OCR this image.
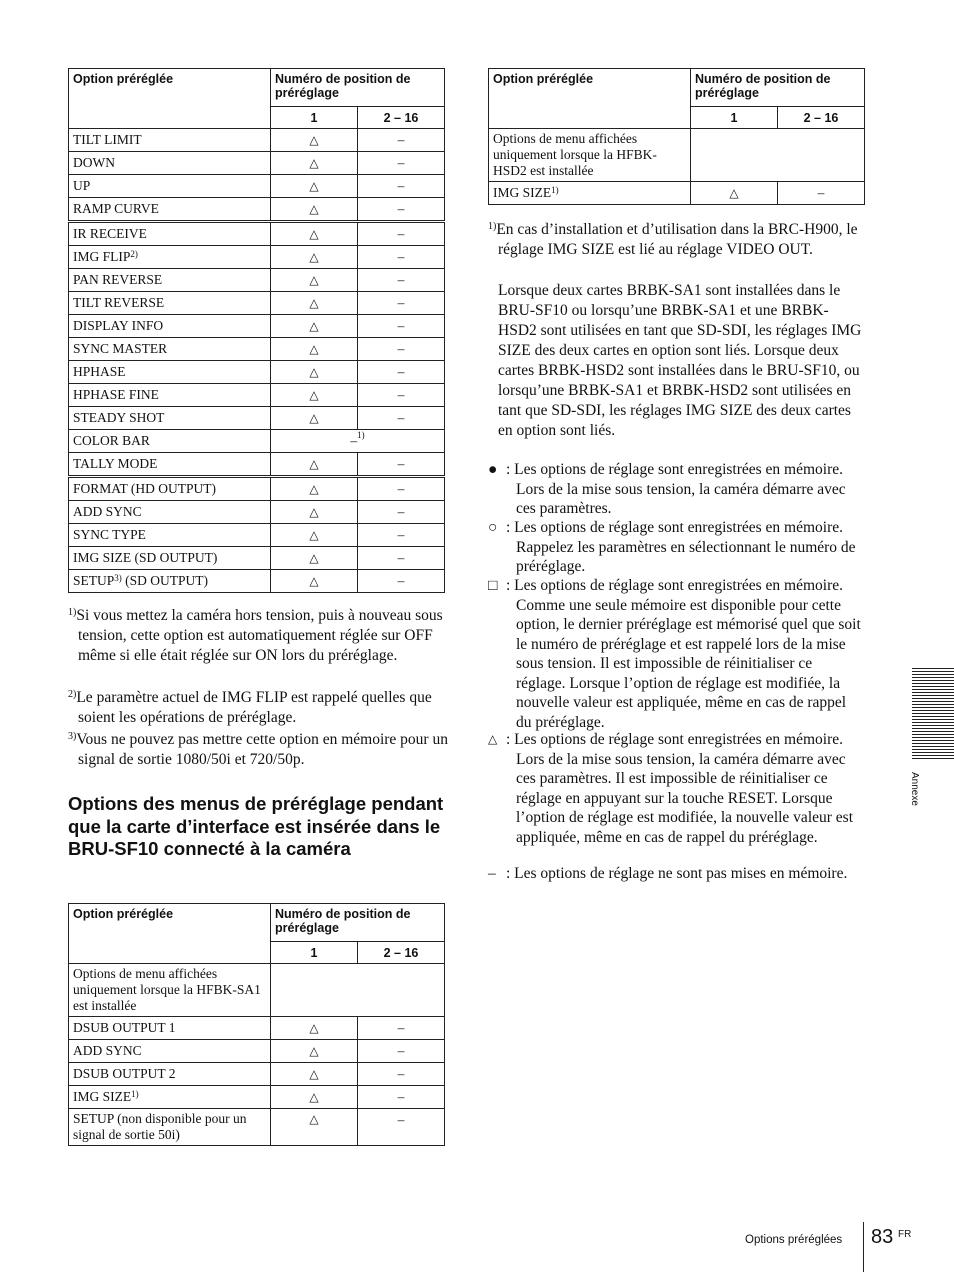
Option préréglée	Numéro de position de préréglage	
	1	2 – 16
TILT LIMIT	△	–
DOWN	△	–
UP	△	–
RAMP CURVE	△	–
IR RECEIVE	△	–
IMG FLIP$^{2)}$	△	–
PAN REVERSE	△	–
TILT REVERSE	△	–
DISPLAY INFO	△	–
SYNC MASTER	△	–
HPHASE	△	–
HPHASE FINE	△	–
STEADY SHOT	△	–
COLOR BAR	–$^{1)}$
TALLY MODE	△	–
FORMAT (HD OUTPUT)	△	–
ADD SYNC	△	–
SYNC TYPE	△	–
IMG SIZE (SD OUTPUT)	△	–
SETUP$^{3)}$ (SD OUTPUT)	△	–
$^{1)}$Si vous mettez la caméra hors tension, puis à nouveau sous tension, cette option est automatiquement réglée sur OFF même si elle était réglée sur ON lors du préréglage.
$^{2)}$Le paramètre actuel de IMG FLIP est rappelé quelles que soient les opérations de préréglage.
$^{3)}$Vous ne pouvez pas mettre cette option en mémoire pour un signal de sortie 1080/50i et 720/50p.
Options des menus de préréglage pendant que la carte d’interface est insérée dans le BRU-SF10 connecté à la caméra
Option préréglée	Numéro de position de préréglage	
	1	2 – 16
Options de menu affichées uniquement lorsque la HFBK-SA1 est installée		
DSUB OUTPUT 1	△	–
ADD SYNC	△	–
DSUB OUTPUT 2	△	–
IMG SIZE$^{1)}$	△	–
SETUP (non disponible pour un signal de sortie 50i)	△	–
Option préréglée	Numéro de position de préréglage	
	1	2 – 16
Options de menu affichées uniquement lorsque la HFBK-HSD2 est installée		
IMG SIZE$^{1)}$	△	–
$^{1)}$En cas d’installation et d’utilisation dans la BRC-H900, le réglage IMG SIZE est lié au réglage VIDEO OUT.
Lorsque deux cartes BRBK-SA1 sont installées dans le BRU-SF10 ou lorsqu’une BRBK-SA1 et une BRBK-HSD2 sont utilisées en tant que SD-SDI, les réglages IMG SIZE des deux cartes en option sont liés. Lorsque deux cartes BRBK-HSD2 sont installées dans le BRU-SF10, ou lorsqu’une BRBK-SA1 et BRBK-HSD2 sont utilisées en tant que SD-SDI, les réglages IMG SIZE des deux cartes en option sont liés.
● : Les options de réglage sont enregistrées en mémoire. Lors de la mise sous tension, la caméra démarre avec ces paramètres.
○ : Les options de réglage sont enregistrées en mémoire. Rappelez les paramètres en sélectionnant le numéro de préréglage.
□ : Les options de réglage sont enregistrées en mémoire. Comme une seule mémoire est disponible pour cette option, le dernier préréglage est mémorisé quel que soit le numéro de préréglage et est rappelé lors de la mise sous tension. Il est impossible de réinitialiser ce réglage. Lorsque l’option de réglage est modifiée, la nouvelle valeur est appliquée, même en cas de rappel du préréglage.
△ : Les options de réglage sont enregistrées en mémoire. Lors de la mise sous tension, la caméra démarre avec ces paramètres. Il est impossible de réinitialiser ce réglage en appuyant sur la touche RESET. Lorsque l’option de réglage est modifiée, la nouvelle valeur est appliquée, même en cas de rappel du préréglage.
– : Les options de réglage ne sont pas mises en mémoire.
Annexe
Options préréglées 83 FR
